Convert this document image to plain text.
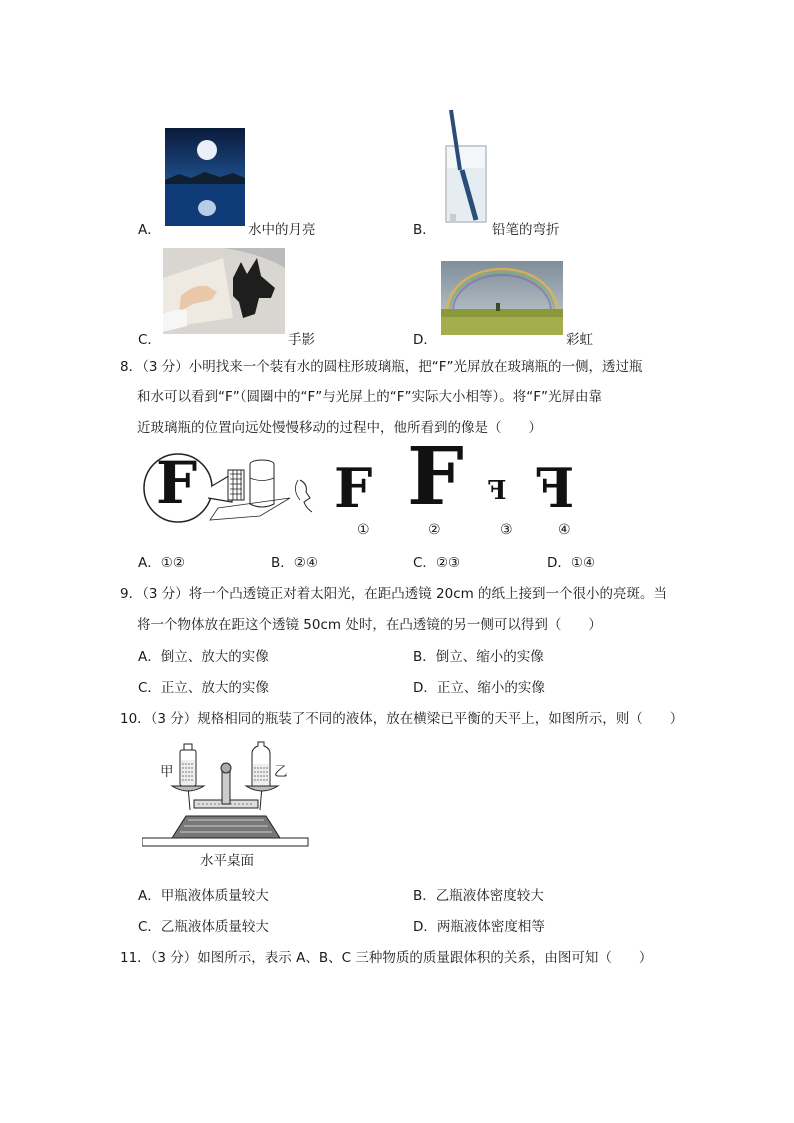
A．	水中的月亮	B．	铅笔的弯折
C．	手影	D．	彩虹
8．（3 分）小明找来一个装有水的圆柱形玻璃瓶，把“F”光屏放在玻璃瓶的一侧，透过瓶
和水可以看到“F”（圆圈中的“F”与光屏上的“F”实际大小相等）。将“F”光屏由靠
近玻璃瓶的位置向远处慢慢移动的过程中，他所看到的像是（　　）
F	F F F F
①	②	③	④
A．①②	B．②④	C．②③	D．①④
9．（3 分）将一个凸透镜正对着太阳光，在距凸透镜 20cm 的纸上接到一个很小的亮斑。当
将一个物体放在距这个透镜 50cm 处时，在凸透镜的另一侧可以得到（　　）
A．倒立、放大的实像	B．倒立、缩小的实像
C．正立、放大的实像	D．正立、缩小的实像
10．（3 分）规格相同的瓶装了不同的液体，放在横梁已平衡的天平上，如图所示，则（　　）
甲	乙
水平桌面
A．甲瓶液体质量较大	B．乙瓶液体密度较大
C．乙瓶液体质量较大	D．两瓶液体密度相等
11．（3 分）如图所示，表示 A、B、C 三种物质的质量跟体积的关系，由图可知（　　）
